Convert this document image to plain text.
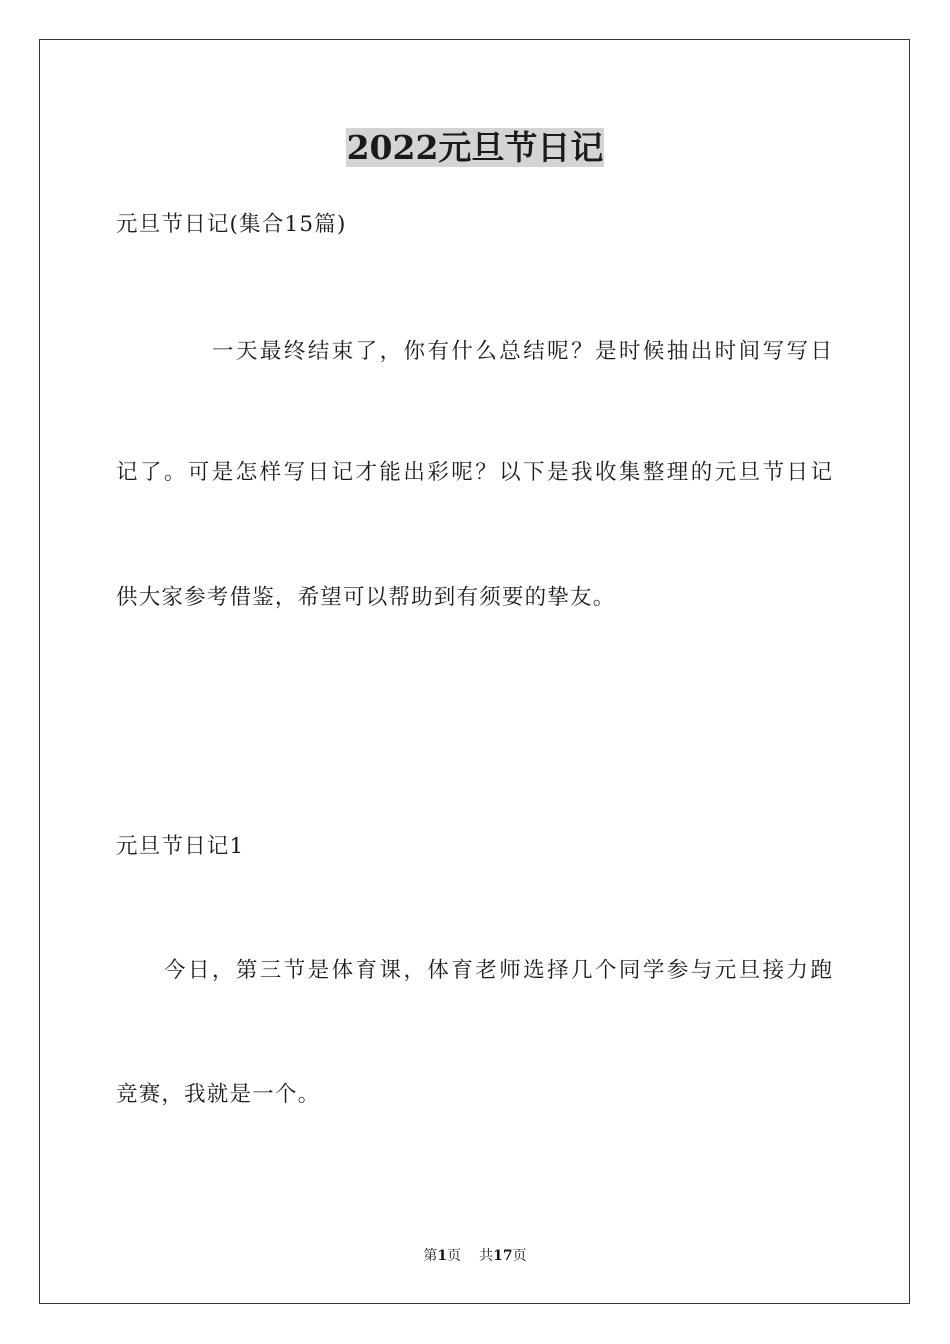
2022元旦节日记
元旦节日记(集合15篇)
一天最终结束了，你有什么总结呢？是时候抽出时间写写日
记了。可是怎样写日记才能出彩呢？以下是我收集整理的元旦节日记
供大家参考借鉴，希望可以帮助到有须要的挚友。
元旦节日记1
今日，第三节是体育课，体育老师选择几个同学参与元旦接力跑
竞赛，我就是一个。
第1页 共17页
